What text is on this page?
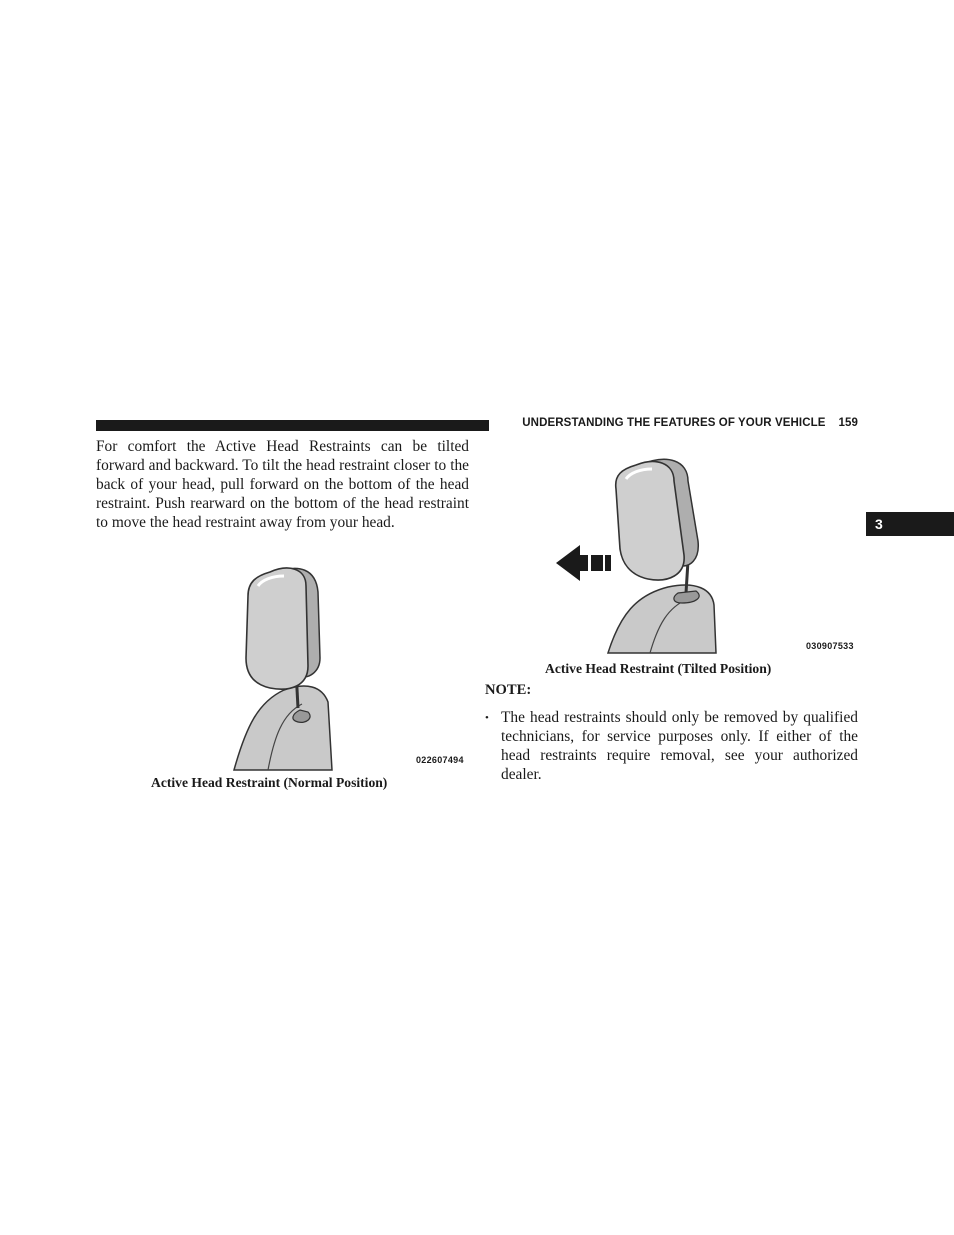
UNDERSTANDING THE FEATURES OF YOUR VEHICLE 159
3

For comfort the Active Head Restraints can be tilted forward and backward. To tilt the head restraint closer to the back of your head, pull forward on the bottom of the head restraint. Push rearward on the bottom of the head restraint to move the head restraint away from your head.

022607494
Active Head Restraint (Normal Position)
030907533
Active Head Restraint (Tilted Position)
NOTE:
• The head restraints should only be removed by qualified technicians, for service purposes only. If either of the head restraints require removal, see your authorized dealer.
